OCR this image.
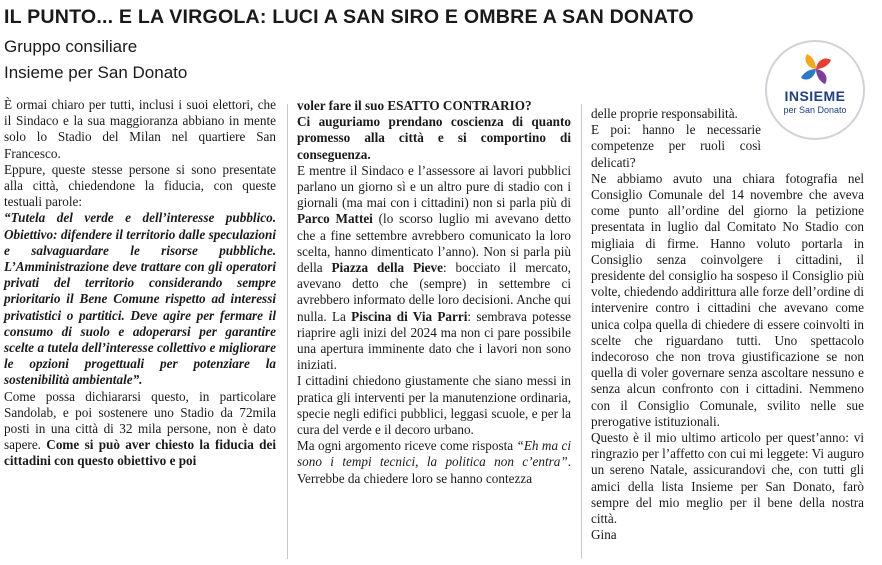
IL PUNTO... E LA VIRGOLA: LUCI A SAN SIRO E OMBRE A SAN DONATO
Gruppo consiliare
Insieme per San Donato
INSIEME
per San Donato

È ormai chiaro per tutti, inclusi i suoi elettori, che il Sindaco e la sua maggioranza abbiano in mente solo lo Stadio del Milan nel quartiere San Francesco.

Eppure, queste stesse persone si sono presentate alla città, chiedendone la fiducia, con queste testuali parole:

“Tutela del verde e dell’interesse pubblico. Obiettivo: difendere il territorio dalle speculazioni e salvaguardare le risorse pubbliche. L’Amministrazione deve trattare con gli operatori privati del territorio considerando sempre prioritario il Bene Comune rispetto ad interessi privatistici o partitici. Deve agire per fermare il consumo di suolo e adoperarsi per garantire scelte a tutela dell’interesse collettivo e migliorare le opzioni progettuali per potenziare la sostenibilità ambientale”.

Come possa dichiararsi questo, in particolare Sandolab, e poi sostenere uno Stadio da 72mila posti in una città di 32 mila persone, non è dato sapere. Come si può aver chiesto la fiducia dei cittadini con questo obiettivo e poi

voler fare il suo ESATTO CONTRARIO?

Ci auguriamo prendano coscienza di quanto promesso alla città e si comportino di conseguenza.

E mentre il Sindaco e l’assessore ai lavori pubblici parlano un giorno sì e un altro pure di stadio con i giornali (ma mai con i cittadini) non si parla più di Parco Mattei (lo scorso luglio mi avevano detto che a fine settembre avrebbero comunicato la loro scelta, hanno dimenticato l’anno). Non si parla più della Piazza della Pieve: bocciato il mercato, avevano detto che (sempre) in settembre ci avrebbero informato delle loro decisioni. Anche qui nulla. La Piscina di Via Parri: sembrava potesse riaprire agli inizi del 2024 ma non ci pare possibile una apertura imminente dato che i lavori non sono iniziati.

I cittadini chiedono giustamente che siano messi in pratica gli interventi per la manutenzione ordinaria, specie negli edifici pubblici, leggasi scuole, e per la cura del verde e il decoro urbano.

Ma ogni argomento riceve come risposta “Eh ma ci sono i tempi tecnici, la politica non c’entra”. Verrebbe da chiedere loro se hanno contezza

delle proprie responsabilità.

E poi: hanno le necessarie competenze per ruoli così delicati?

Ne abbiamo avuto una chiara fotografia nel Consiglio Comunale del 14 novembre che aveva come punto all’ordine del giorno la petizione presentata in luglio dal Comitato No Stadio con migliaia di firme. Hanno voluto portarla in Consiglio senza coinvolgere i cittadini, il presidente del consiglio ha sospeso il Consiglio più volte, chiedendo addirittura alle forze dell’ordine di intervenire contro i cittadini che avevano come unica colpa quella di chiedere di essere coinvolti in scelte che riguardano tutti. Uno spettacolo indecoroso che non trova giustificazione se non quella di voler governare senza ascoltare nessuno e senza alcun confronto con i cittadini. Nemmeno con il Consiglio Comunale, svilito nelle sue prerogative istituzionali.

Questo è il mio ultimo articolo per quest’anno: vi ringrazio per l’affetto con cui mi leggete: Vi auguro un sereno Natale, assicurandovi che, con tutti gli amici della lista Insieme per San Donato, farò sempre del mio meglio per il bene della nostra città.

Gina
